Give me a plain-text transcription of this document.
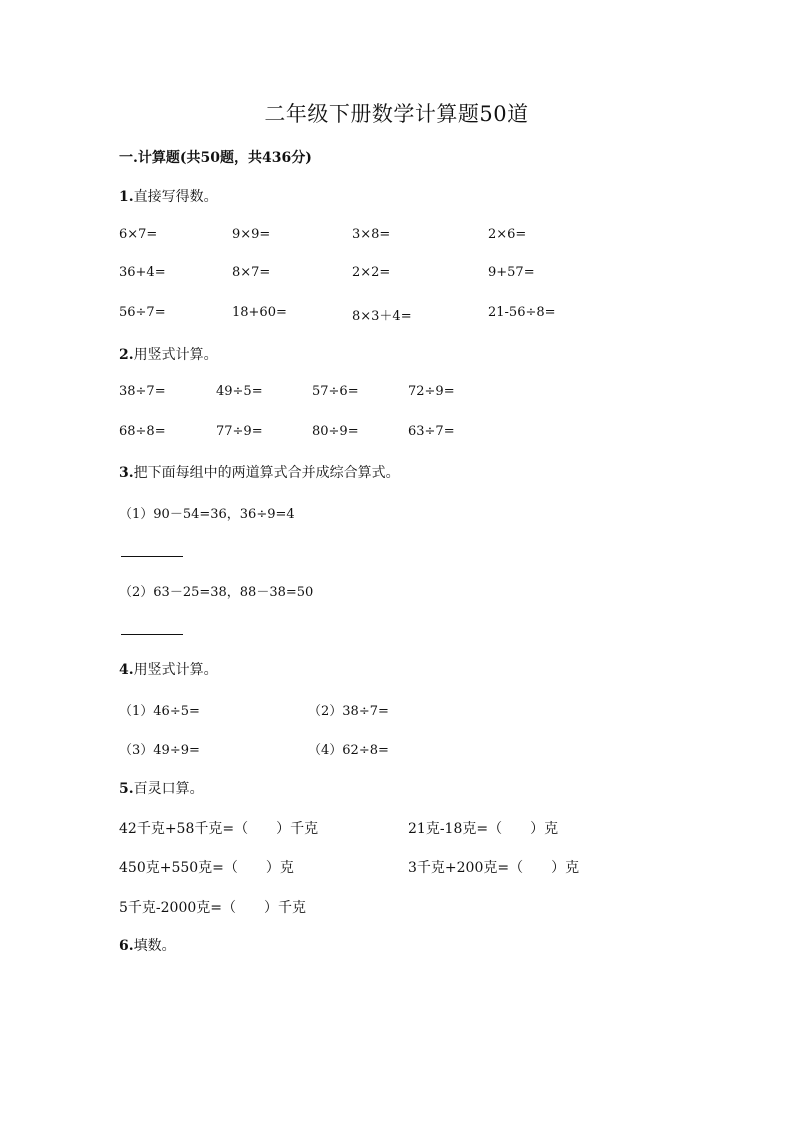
二年级下册数学计算题50道
一.计算题(共50题，共436分)
1.直接写得数。
6×7=	9×9=	3×8=	2×6=
36+4=	8×7=	2×2=	9+57=
56÷7=	18+60=	8×3＋4=	21-56÷8=
2.用竖式计算。
38÷7=	49÷5=	57÷6=	72÷9=
68÷8=	77÷9=	80÷9=	63÷7=
3.把下面每组中的两道算式合并成综合算式。
（1）90－54=36，36÷9=4
（2）63－25=38，88－38=50
4.用竖式计算。
（1）46÷5=	（2）38÷7=
（3）49÷9=	（4）62÷8=
5.百灵口算。
42千克+58千克=（　　）千克	21克-18克=（　　）克
450克+550克=（　　）克	3千克+200克=（　　）克
5千克-2000克=（　　）千克
6.填数。
